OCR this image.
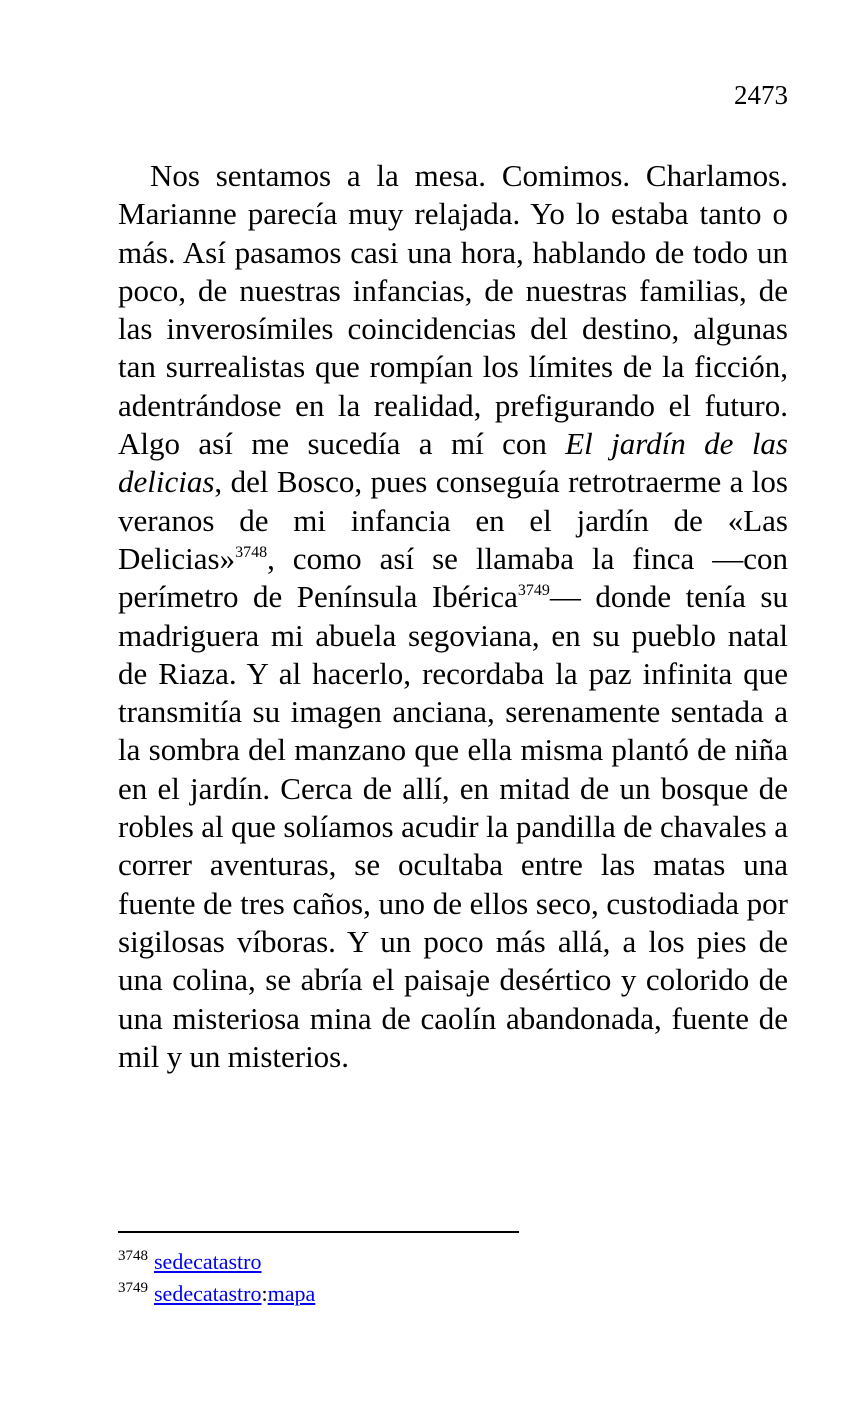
2473

Nos sentamos a la mesa. Comimos. Charlamos. Marianne parecía muy relajada. Yo lo estaba tanto o más. Así pasamos casi una hora, hablando de todo un poco, de nuestras infancias, de nuestras familias, de las inverosímiles coincidencias del destino, algunas tan surrealistas que rompían los límites de la ficción, adentrándose en la realidad, prefigurando el futuro. Algo así me sucedía a mí con El jardín de las delicias, del Bosco, pues conseguía retrotraerme a los veranos de mi infancia en el jardín de «Las Delicias»$^{3748}$, como así se llamaba la finca —con perímetro de Península Ibérica$^{3749}$— donde tenía su madriguera mi abuela segoviana, en su pueblo natal de Riaza. Y al hacerlo, recordaba la paz infinita que transmitía su imagen anciana, serenamente sentada a la sombra del manzano que ella misma plantó de niña en el jardín. Cerca de allí, en mitad de un bosque de robles al que solíamos acudir la pandilla de chavales a correr aventuras, se ocultaba entre las matas una fuente de tres caños, uno de ellos seco, custodiada por sigilosas víboras. Y un poco más allá, a los pies de una colina, se abría el paisaje desértico y colorido de una misteriosa mina de caolín abandonada, fuente de mil y un misterios.

$^{3748}$ sedecatastro
$^{3749}$ sedecatastro:mapa
